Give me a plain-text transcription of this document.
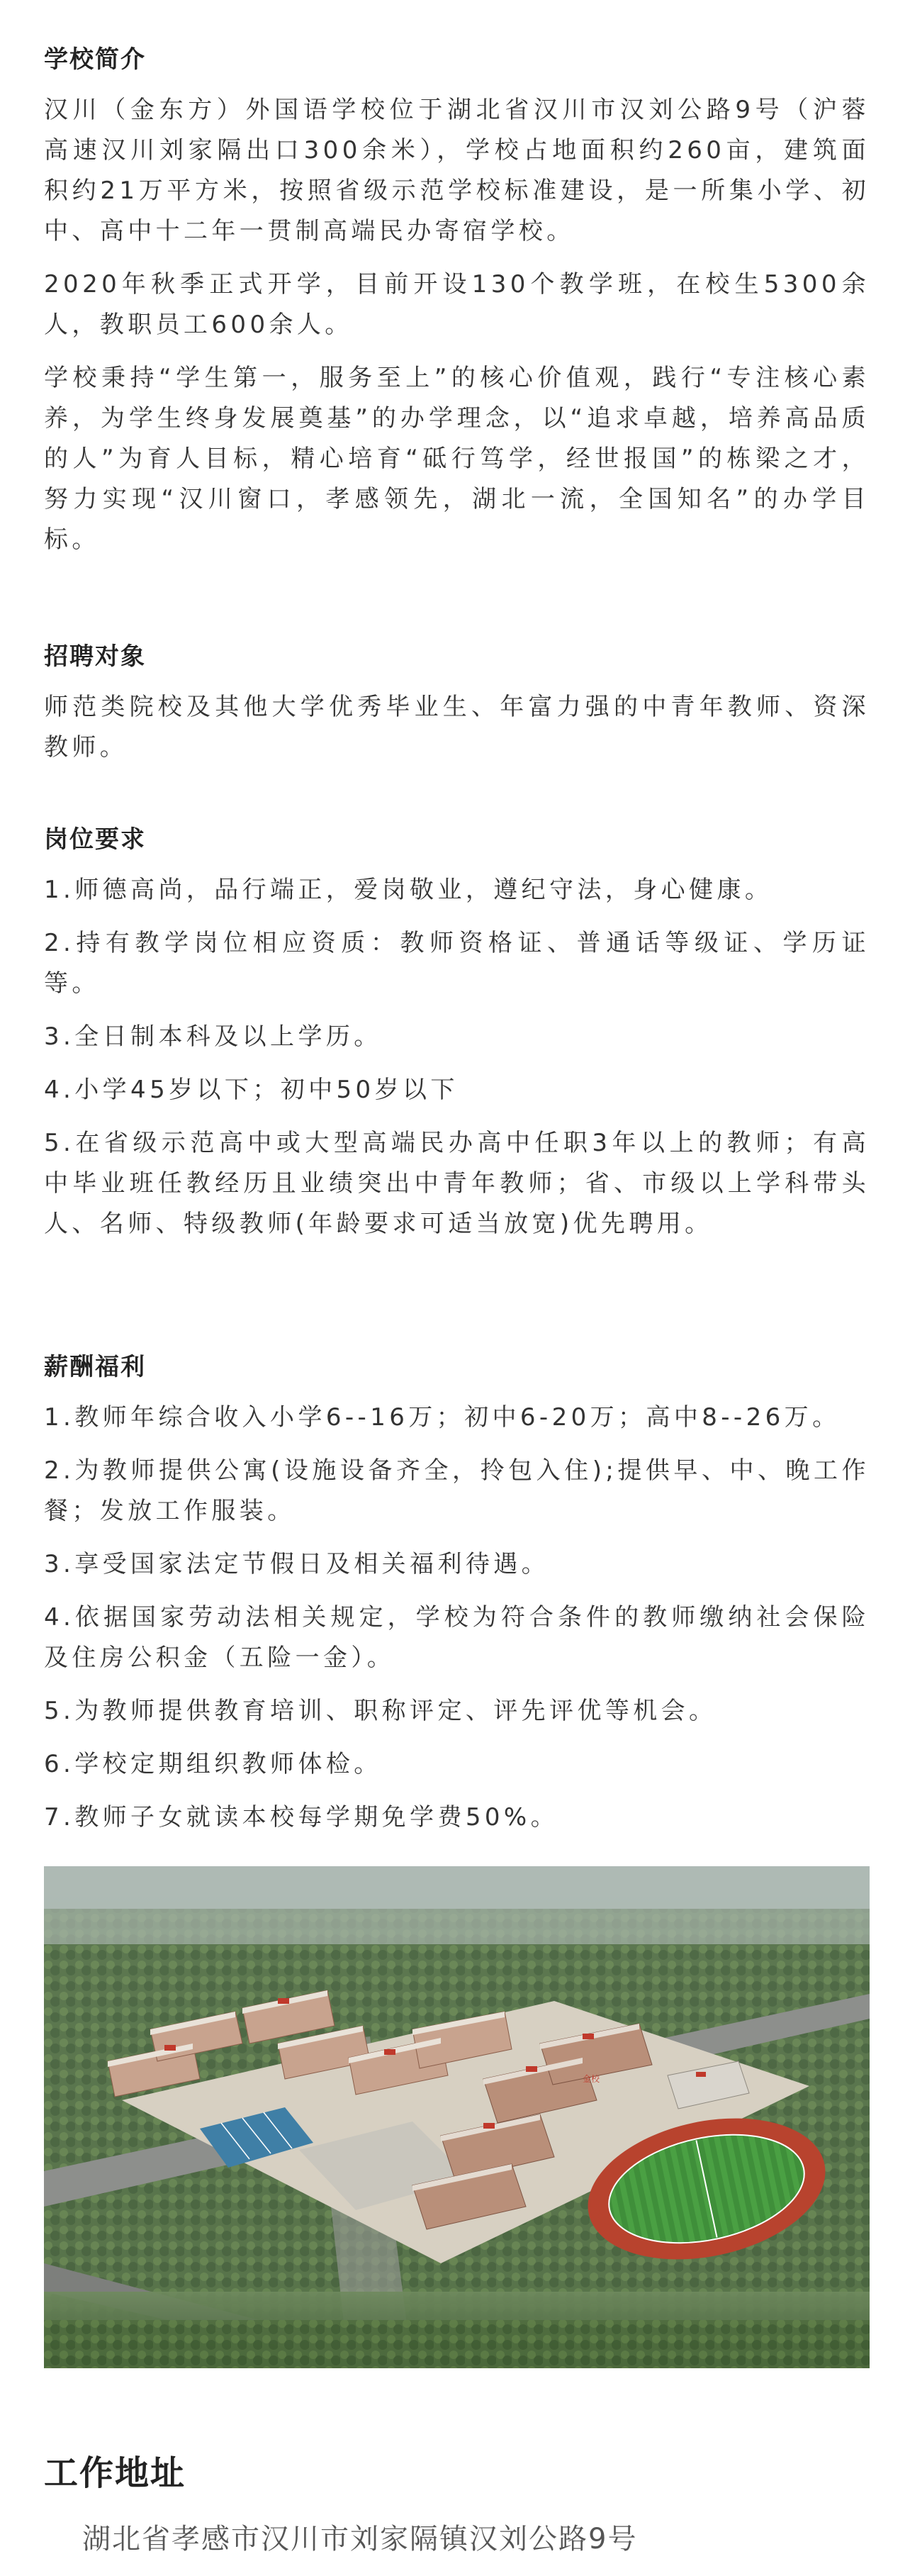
学校简介

汉川（金东方）外国语学校位于湖北省汉川市汉刘公路9号（沪蓉高速汉川刘家隔出口300余米），学校占地面积约260亩，建筑面积约21万平方米，按照省级示范学校标准建设，是一所集小学、初中、高中十二年一贯制高端民办寄宿学校。

2020年秋季正式开学，目前开设130个教学班，在校生5300余人，教职员工600余人。

学校秉持“学生第一，服务至上”的核心价值观，践行“专注核心素养，为学生终身发展奠基”的办学理念，以“追求卓越，培养高品质的人”为育人目标，精心培育“砥行笃学，经世报国”的栋梁之才，努力实现“汉川窗口，孝感领先，湖北一流，全国知名”的办学目标。

招聘对象

师范类院校及其他大学优秀毕业生、年富力强的中青年教师、资深教师。

岗位要求

1.师德高尚，品行端正，爱岗敬业，遵纪守法，身心健康。

2.持有教学岗位相应资质：教师资格证、普通话等级证、学历证等。

3.全日制本科及以上学历。

4.小学45岁以下；初中50岁以下

5.在省级示范高中或大型高端民办高中任职3年以上的教师；有高中毕业班任教经历且业绩突出中青年教师；省、市级以上学科带头人、名师、特级教师(年龄要求可适当放宽)优先聘用。

薪酬福利

1.教师年综合收入小学6--16万；初中6-20万；高中8--26万。

2.为教师提供公寓(设施设备齐全，拎包入住);提供早、中、晚工作餐；发放工作服装。

3.享受国家法定节假日及相关福利待遇。

4.依据国家劳动法相关规定，学校为符合条件的教师缴纳社会保险及住房公积金（五险一金）。

5.为教师提供教育培训、职称评定、评先评优等机会。

6.学校定期组织教师体检。

7.教师子女就读本校每学期免学费50%。

金校
工作地址

湖北省孝感市汉川市刘家隔镇汉刘公路9号
